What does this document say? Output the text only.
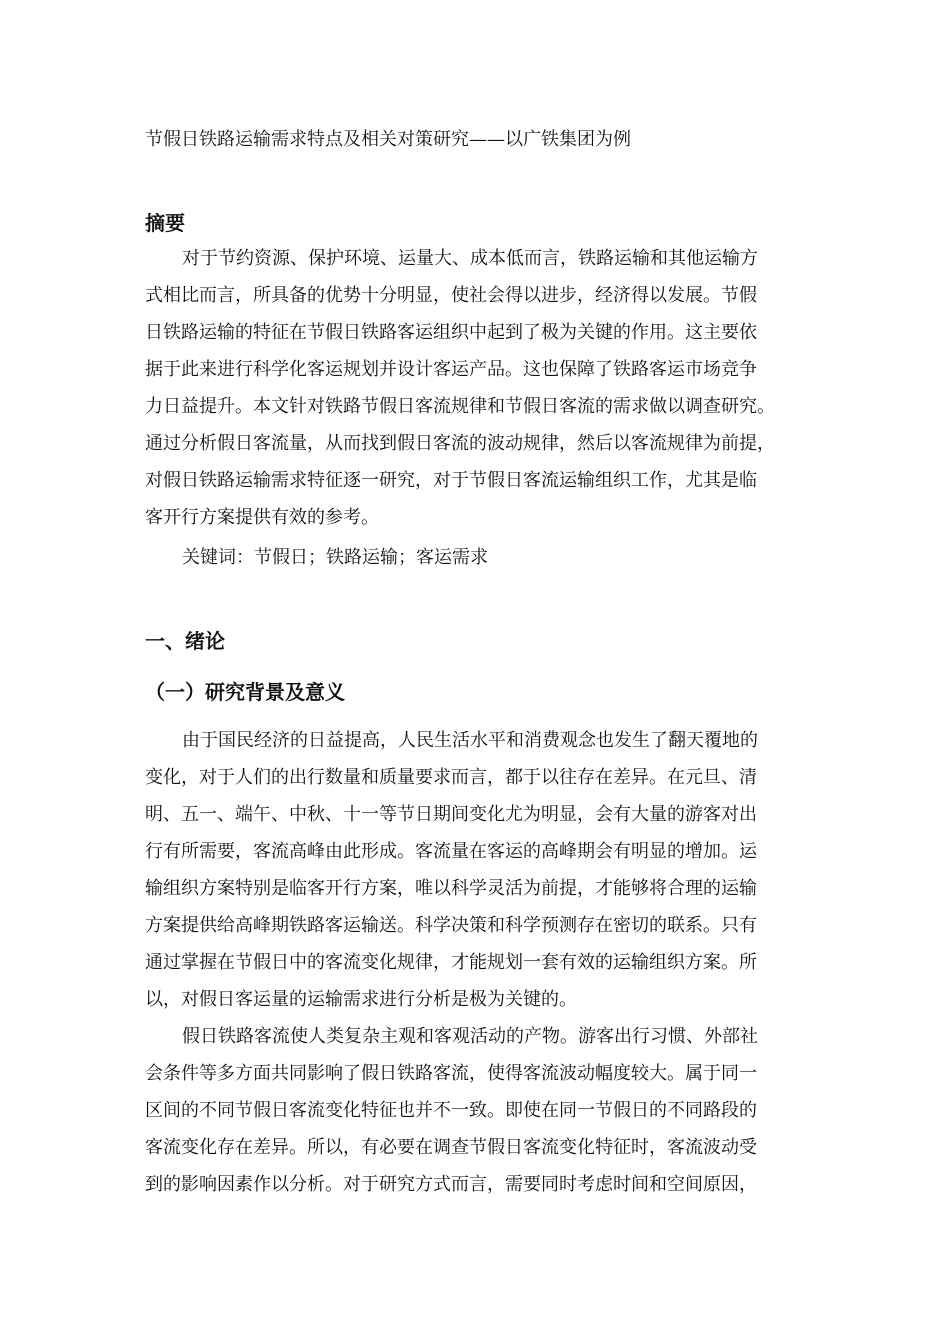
节假日铁路运输需求特点及相关对策研究——以广铁集团为例
摘要
对于节约资源、保护环境、运量大、成本低而言，铁路运输和其他运输方
式相比而言，所具备的优势十分明显，使社会得以进步，经济得以发展。节假
日铁路运输的特征在节假日铁路客运组织中起到了极为关键的作用。这主要依
据于此来进行科学化客运规划并设计客运产品。这也保障了铁路客运市场竞争
力日益提升。本文针对铁路节假日客流规律和节假日客流的需求做以调查研究。
通过分析假日客流量，从而找到假日客流的波动规律，然后以客流规律为前提，
对假日铁路运输需求特征逐一研究，对于节假日客流运输组织工作，尤其是临
客开行方案提供有效的参考。
关键词：节假日；铁路运输；客运需求
一、绪论
（一）研究背景及意义
由于国民经济的日益提高，人民生活水平和消费观念也发生了翻天覆地的
变化，对于人们的出行数量和质量要求而言，都于以往存在差异。在元旦、清
明、五一、端午、中秋、十一等节日期间变化尤为明显，会有大量的游客对出
行有所需要，客流高峰由此形成。客流量在客运的高峰期会有明显的增加。运
输组织方案特别是临客开行方案，唯以科学灵活为前提，才能够将合理的运输
方案提供给高峰期铁路客运输送。科学决策和科学预测存在密切的联系。只有
通过掌握在节假日中的客流变化规律，才能规划一套有效的运输组织方案。所
以，对假日客运量的运输需求进行分析是极为关键的。
假日铁路客流使人类复杂主观和客观活动的产物。游客出行习惯、外部社
会条件等多方面共同影响了假日铁路客流，使得客流波动幅度较大。属于同一
区间的不同节假日客流变化特征也并不一致。即使在同一节假日的不同路段的
客流变化存在差异。所以，有必要在调查节假日客流变化特征时，客流波动受
到的影响因素作以分析。对于研究方式而言，需要同时考虑时间和空间原因，
